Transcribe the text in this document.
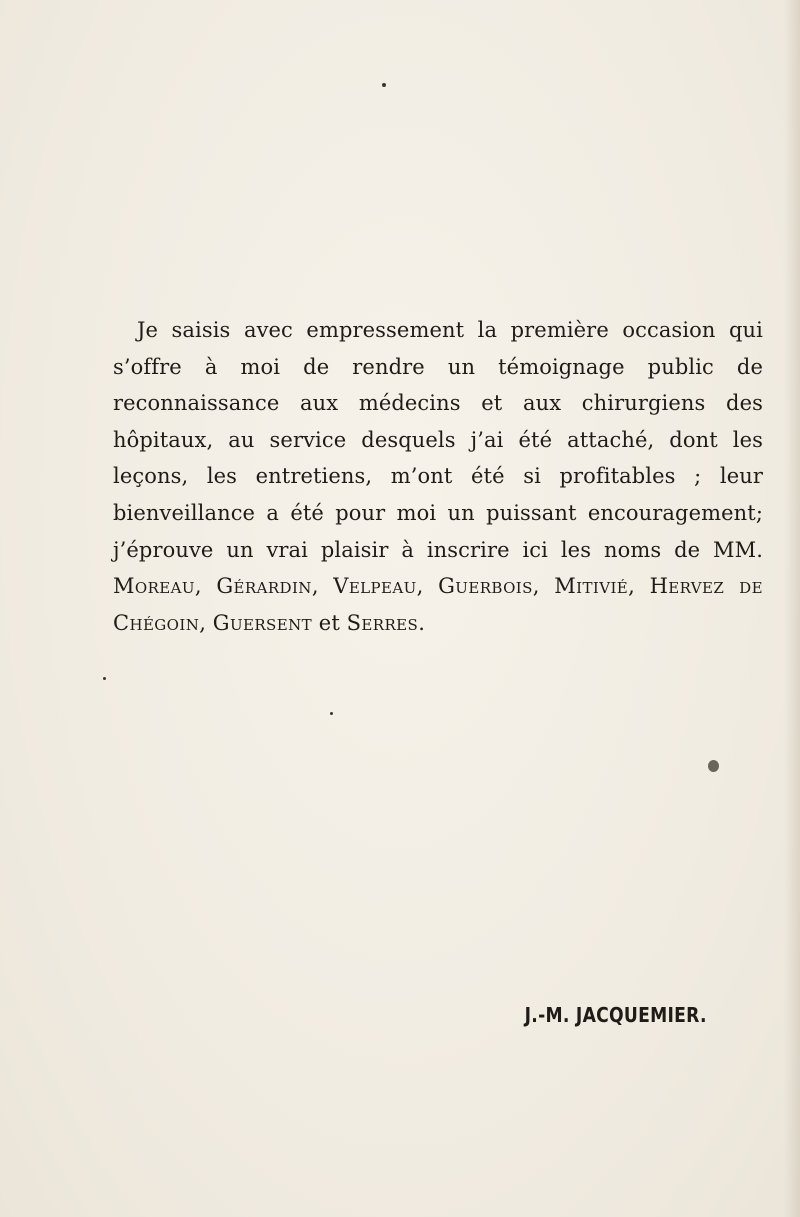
Je saisis avec empressement la première occasion qui s’offre à moi de rendre un témoignage public de reconnaissance aux médecins et aux chirurgiens des hôpitaux, au service desquels j’ai été attaché, dont les leçons, les entretiens, m’ont été si profitables ; leur bienveillance a été pour moi un puissant encouragement; j’éprouve un vrai plaisir à inscrire ici les noms de MM. Moreau, Gérardin, Velpeau, Guerbois, Mitivié, Hervez de Chégoin, Guersent et Serres.

J.-M. JACQUEMIER.
